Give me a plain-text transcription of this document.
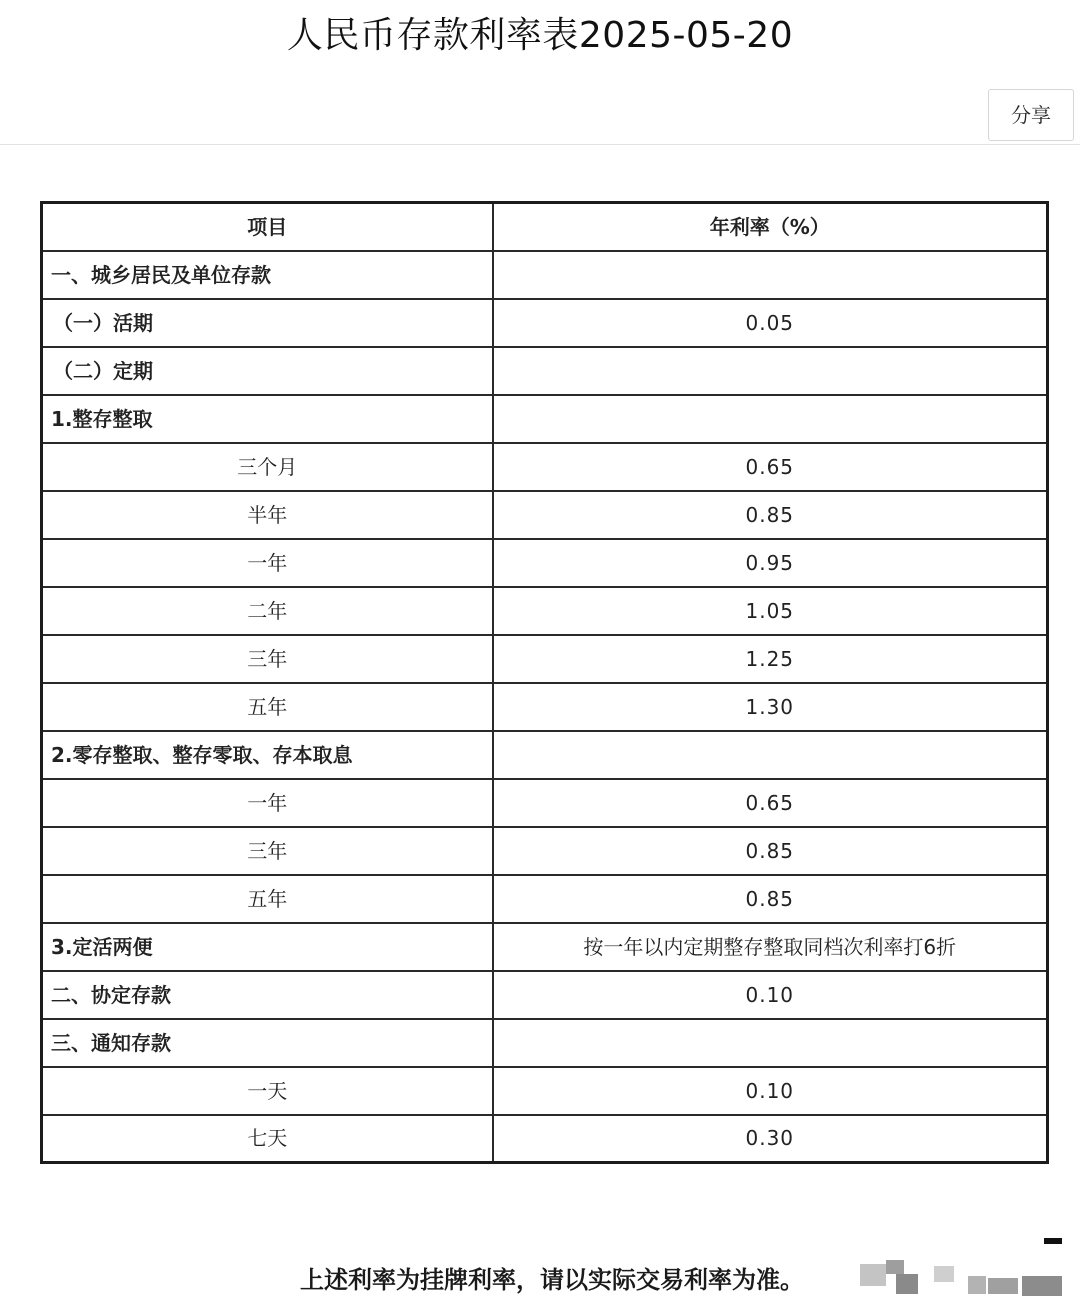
人民币存款利率表2025-05-20
分享
项目	年利率（%）
一、城乡居民及单位存款	
（一）活期	0.05
（二）定期	
1.整存整取	
三个月	0.65
半年	0.85
一年	0.95
二年	1.05
三年	1.25
五年	1.30
2.零存整取、整存零取、存本取息	
一年	0.65
三年	0.85
五年	0.85
3.定活两便	按一年以内定期整存整取同档次利率打6折
二、协定存款	0.10
三、通知存款	
一天	0.10
七天	0.30
上述利率为挂牌利率，请以实际交易利率为准。
